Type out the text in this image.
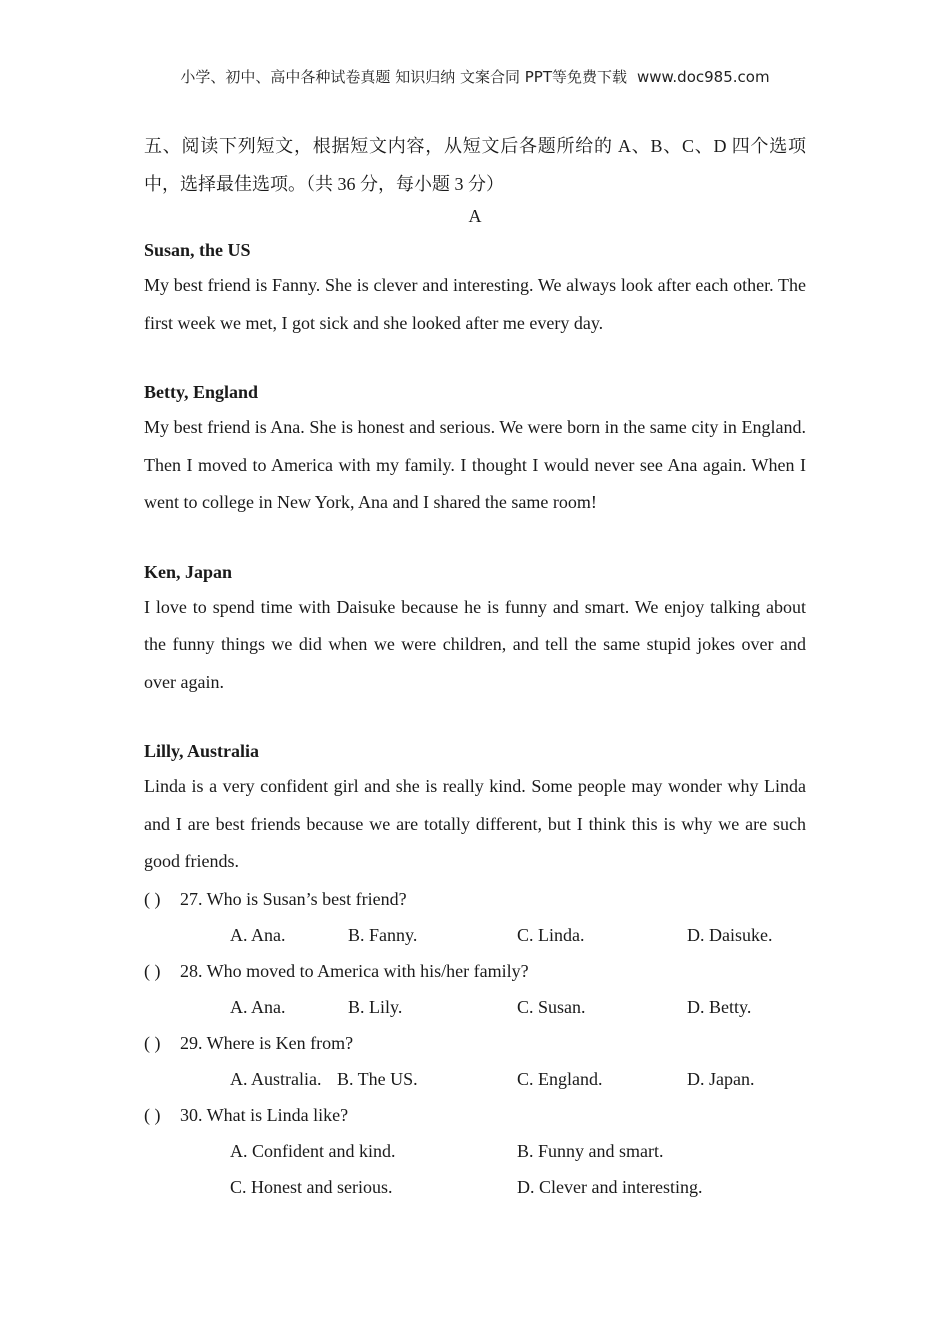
小学、初中、高中各种试卷真题 知识归纳 文案合同 PPT等免费下载 www.doc985.com
五、阅读下列短文，根据短文内容，从短文后各题所给的 A、B、C、D 四个选项中，选择最佳选项。（共 36 分，每小题 3 分）
A
Susan, the US
My best friend is Fanny. She is clever and interesting. We always look after each other. The first week we met, I got sick and she looked after me every day.
Betty, England
My best friend is Ana. She is honest and serious. We were born in the same city in England. Then I moved to America with my family. I thought I would never see Ana again. When I went to college in New York, Ana and I shared the same room!
Ken, Japan
I love to spend time with Daisuke because he is funny and smart. We enjoy talking about the funny things we did when we were children, and tell the same stupid jokes over and over again.
Lilly, Australia
Linda is a very confident girl and she is really kind. Some people may wonder why Linda and I are best friends because we are totally different, but I think this is why we are such good friends.
( ) 27. Who is Susan’s best friend?
A. Ana.	B. Fanny.	C. Linda.	D. Daisuke.
( ) 28. Who moved to America with his/her family?
A. Ana.	B. Lily.	C. Susan.	D. Betty.
( ) 29. Where is Ken from?
A. Australia. B. The US.	C. England.	D. Japan.
( ) 30. What is Linda like?
A. Confident and kind.	B. Funny and smart.
C. Honest and serious.	D. Clever and interesting.
